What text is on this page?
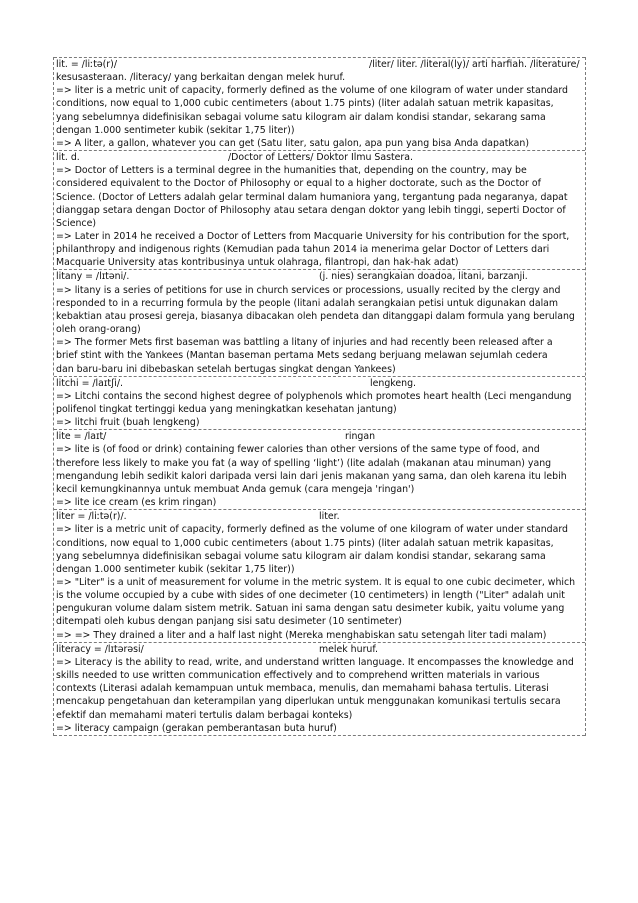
lit. = /liːtə(r)/	/liter/ liter. /literal(ly)/ arti harfiah. /literature/
kesusasteraan. /literacy/ yang berkaitan dengan melek huruf.
=> liter is a metric unit of capacity, formerly defined as the volume of one kilogram of water under standard
conditions, now equal to 1,000 cubic centimeters (about 1.75 pints) (liter adalah satuan metrik kapasitas,
yang sebelumnya didefinisikan sebagai volume satu kilogram air dalam kondisi standar, sekarang sama
dengan 1.000 sentimeter kubik (sekitar 1,75 liter))
=> A liter, a gallon, whatever you can get (Satu liter, satu galon, apa pun yang bisa Anda dapatkan)
lit. d.	/Doctor of Letters/ Doktor Ilmu Sastera.
=> Doctor of Letters is a terminal degree in the humanities that, depending on the country, may be
considered equivalent to the Doctor of Philosophy or equal to a higher doctorate, such as the Doctor of
Science. (Doctor of Letters adalah gelar terminal dalam humaniora yang, tergantung pada negaranya, dapat
dianggap setara dengan Doctor of Philosophy atau setara dengan doktor yang lebih tinggi, seperti Doctor of
Science)
=> Later in 2014 he received a Doctor of Letters from Macquarie University for his contribution for the sport,
philanthropy and indigenous rights (Kemudian pada tahun 2014 ia menerima gelar Doctor of Letters dari
Macquarie University atas kontribusinya untuk olahraga, filantropi, dan hak-hak adat)
litany = /lɪtəni/.	(j. nies) serangkaian doadoa, litani, barzanji.
=> litany is a series of petitions for use in church services or processions, usually recited by the clergy and
responded to in a recurring formula by the people (litani adalah serangkaian petisi untuk digunakan dalam
kebaktian atau prosesi gereja, biasanya dibacakan oleh pendeta dan ditanggapi dalam formula yang berulang
oleh orang-orang)
=> The former Mets first baseman was battling a litany of injuries and had recently been released after a
brief stint with the Yankees (Mantan baseman pertama Mets sedang berjuang melawan sejumlah cedera
dan baru-baru ini dibebaskan setelah bertugas singkat dengan Yankees)
litchi = /laɪtʃi/.	lengkeng.
=> Litchi contains the second highest degree of polyphenols which promotes heart health (Leci mengandung
polifenol tingkat tertinggi kedua yang meningkatkan kesehatan jantung)
=> litchi fruit (buah lengkeng)
lite = /laɪt/	ringan
=> lite is (of food or drink) containing fewer calories than other versions of the same type of food, and
therefore less likely to make you fat (a way of spelling ‘light’) (lite adalah (makanan atau minuman) yang
mengandung lebih sedikit kalori daripada versi lain dari jenis makanan yang sama, dan oleh karena itu lebih
kecil kemungkinannya untuk membuat Anda gemuk (cara mengeja 'ringan')
=> lite ice cream (es krim ringan)
liter = /liːtə(r)/.	liter.
=> liter is a metric unit of capacity, formerly defined as the volume of one kilogram of water under standard
conditions, now equal to 1,000 cubic centimeters (about 1.75 pints) (liter adalah satuan metrik kapasitas,
yang sebelumnya didefinisikan sebagai volume satu kilogram air dalam kondisi standar, sekarang sama
dengan 1.000 sentimeter kubik (sekitar 1,75 liter))
=> "Liter" is a unit of measurement for volume in the metric system. It is equal to one cubic decimeter, which
is the volume occupied by a cube with sides of one decimeter (10 centimeters) in length ("Liter" adalah unit
pengukuran volume dalam sistem metrik. Satuan ini sama dengan satu desimeter kubik, yaitu volume yang
ditempati oleh kubus dengan panjang sisi satu desimeter (10 sentimeter)
=> => They drained a liter and a half last night (Mereka menghabiskan satu setengah liter tadi malam)
literacy = /lɪtərəsi/	melek huruf.
=> Literacy is the ability to read, write, and understand written language. It encompasses the knowledge and
skills needed to use written communication effectively and to comprehend written materials in various
contexts (Literasi adalah kemampuan untuk membaca, menulis, dan memahami bahasa tertulis. Literasi
mencakup pengetahuan dan keterampilan yang diperlukan untuk menggunakan komunikasi tertulis secara
efektif dan memahami materi tertulis dalam berbagai konteks)
=> literacy campaign (gerakan pemberantasan buta huruf)
